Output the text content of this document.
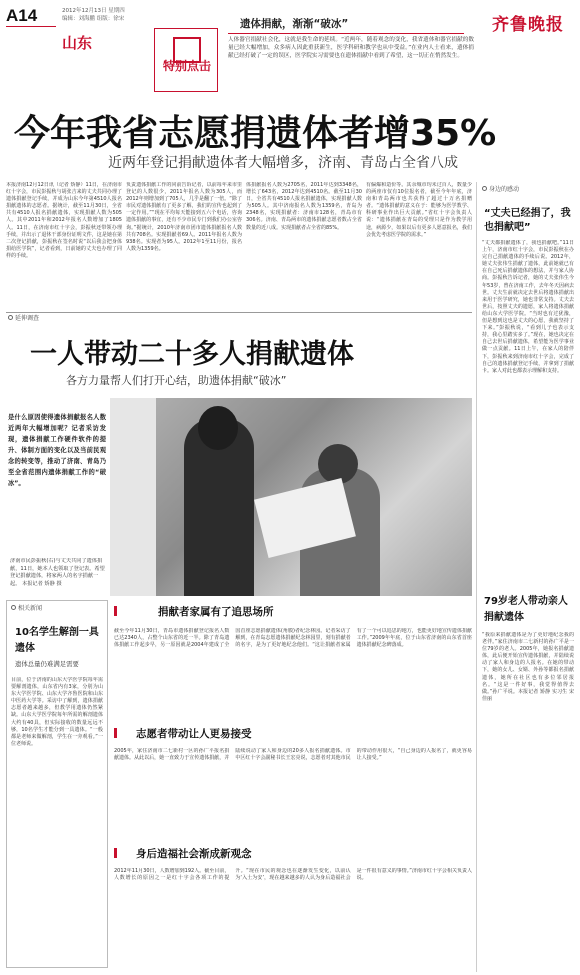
A14	2012年12月13日 星期四
编辑：刘海鹏 组版：徐宋
山东
特别点击
遗体捐献，渐渐“破冰”
人体器官捐献社会化，这就是我生命的延续。“近两年，随着观念的变化，我省遗体和器官捐献的数量已经大幅增加，众多病人因此重获新生，医学科研和教学也从中受益。”在业内人士看来，遗体捐献已经打破了一定的误区，医学院实习需要也在遗体捐献中看到了希望，这一切正在悄然发生。
齐鲁晚报
今年我省志愿捐遗体者增35%
近两年登记捐献遗体者大幅增多，济南、青岛占全省八成
本报济南12月12日讯（记者 矫静）11日，在济南市红十字会，市民彭振秋与胡张吉来的丈夫共同办理了遗体捐献登记手续，并成为山东今年第4510人报名捐献遗体的志愿者。据统计，截至11月30日，全省共有4510人报名捐献遗体，实现捐献人数为505人。其中2011年和2012年报名人数增加了1805人。11日，在济南市红十字会，彭振秋还带领办理手续，并出示了退休干部身份证明文件，这是她在第二次登记捐献，彭振秋在签名时说“以后我会把身体捐给医学院”，记者看到，日前她的丈夫也办理了同样的手续。
负责遗体捐献工作的同前告诉记者，以前每年来市里登记的人数很少，2011年报名人数为305人，而2012年则增加到了705人，几乎是翻了一倍。“除了市民对遗体捐献有了更多了解，我们的宣传也起到了一定作用。”“现在平均每天能接到五六个电话，咨询遗体捐献的事宜，还有不少市民专门到我们办公室咨询。”据统计，2010年济南市团市遗体捐献报名人数共有708名。实现捐献者69人。2011年报名人数为938名。实现者为95人。2012年1至11月份，报名人数为1359名。
体捐献报名人数为2705名，2011年达到3348名，增长了643名，2012年达到4510名。截至11月30日，全省共有4510人报名捐献遗体，实现捐献人数为505人。其中济南报名人数为1359名，青岛为2348名，实现捐献者：济南市128名，青岛市有306名。济南、青岛两市的遗体捐献志愿者数占全省数量的近八成。实现捐献者占全省的85%。
有偏爆和造价等。其余城市均未过百人，数量少的两座市仅有10位报名者，截至今年年底，济南和青岛两市也共获得了超过十万名捐赠者。“遗体捐献的意义在于：能够为医学教学、科研事业作出巨大贡献。”省红十字会负责人说：“遗体捐献在青岛的受理只是作为教学用途，病源少，如果以后有更多人愿意报名，我们会优先考虑医学院的需求。”
身边的感动
“丈夫已经捐了，我也捐献吧”
“丈夫都捐献遗体了，我也捐献吧。”11日上午，济南市红十字会，市民彭振秋在办完自己捐献遗体的手续后说。2012年，她丈夫张伟生捐献了遗体，此前她就已有在自己死后捐献遗体的想法，并与家人协商。彭振秋告诉记者，她的丈夫张伟生今年53岁，曾在济南工作，去年冬天因病去世。丈夫生前就决定去世后将遗体捐献出来用于医学研究，她也非常支持。丈夫去世后，按照丈夫的遗愿，家人将遗体捐献给山东大学医学院。“当时也有过犹豫，但是想到这也是丈夫的心愿，我就坚持了下来。”彭振秋说，“看到儿子也表示支持，我心里踏实多了。”现在，她也决定在自己去世后捐献遗体，希望能为医学事业做一点贡献。11日上午，在家人的陪伴下，彭振秋来到济南市红十字会，完成了自己的遗体捐献登记手续，并拿到了捐献卡。家人对此也都表示理解和支持。
79岁老人带动亲人捐献遗体
“我原来捐献遗体是为了更好地纪念我的老伴。”家住济南市二七新村的孙广平是一位79岁的老人。2005年，她报名捐献遗体，此后便开始宣传遗体捐献，并陆续说动了家人和身边的人报名。在她的带动下，她的女儿、女婿、外孙等都报名捐献遗体，她所在社区也有多位邻居报名。“这是一件好事，我觉得值得去做。”孙广平说。本报记者 矫静 实习生 宋佳丽
延伸调查
一人带动二十多人捐献遗体
各方力量帮人们打开心结，助遗体捐献“破冰”
是什么原因使得遗体捐献报名人数近两年大幅增加呢？记者采访发现，遗体捐献工作硬件软件的提升、体制方面的变化以及当前民观念的转变等，推动了济南、青岛乃至全省范围内遗体捐献工作的“破冰”。
济南市民彭振秋(右)与丈夫共同了遗体捐献，11日，她本人也领取了登记表。希望登记捐献遗体，将家两人的名字捐献一起。 本报记者 矫静 摄
相关新闻
10名学生解剖一具遗体
遗体总量仍难满足需要
目前，位于济南的山东大学医学院每年需要解剖遗体，山东省内有3家，分别为山东大学医学院、山东大学齐鲁医院和山东中医药大学等。采访中了解到，遗体捐献志愿者越来越多，但教学用遗体仍然紧缺。山东大学医学院每年所需的解剖遗体大约有40具，但实际接收的数量远远不够，10名学生才能分到一具遗体。“一般都是老师来做解剖，学生在一旁观看。”一位老师说。
捐献者家属有了追思场所
截至今年11月30日，青岛市遗体捐献登记报名人数已达2340人，占整个山东省的近一半。除了青岛遗体捐献工作起步早，另一原因就是2004年建成了全国首座志愿捐献遗体(角膜)者纪念林园。记者采访了解到，在青岛志愿遗体捐献纪念林园里，刻有捐献者的名字，是为了更好地纪念他们。“这让捐献者家属有了一个可以追思的地方，也能更好地宣传遗体捐献工作。”2009年年底，位于山东省济南的山东省首座遗体捐献纪念碑落成。
志愿者带动让人更易接受
2005年，家住济南市二七新村一区的孙广平报名捐献遗体。从此以后，她一直致力于宣传遗体捐献，并陆续说动了家人和身边的20多人报名捐献遗体。市中区红十字会副秘书长王宏亮说，志愿者对其他市民的带动作用很大，“自己身边的人报名了，就更容易让人接受。”
身后造福社会渐成新观念
2012年11月30日，人数增加到192人。截至目前，人数增长的原因之一是红十字会各项工作的提升。“现在市民的观念也在逐渐发生变化，以前认为‘入土为安’，现在越来越多的人认为身后造福社会是一件很有意义的事情。”济南市红十字会相关负责人说。
